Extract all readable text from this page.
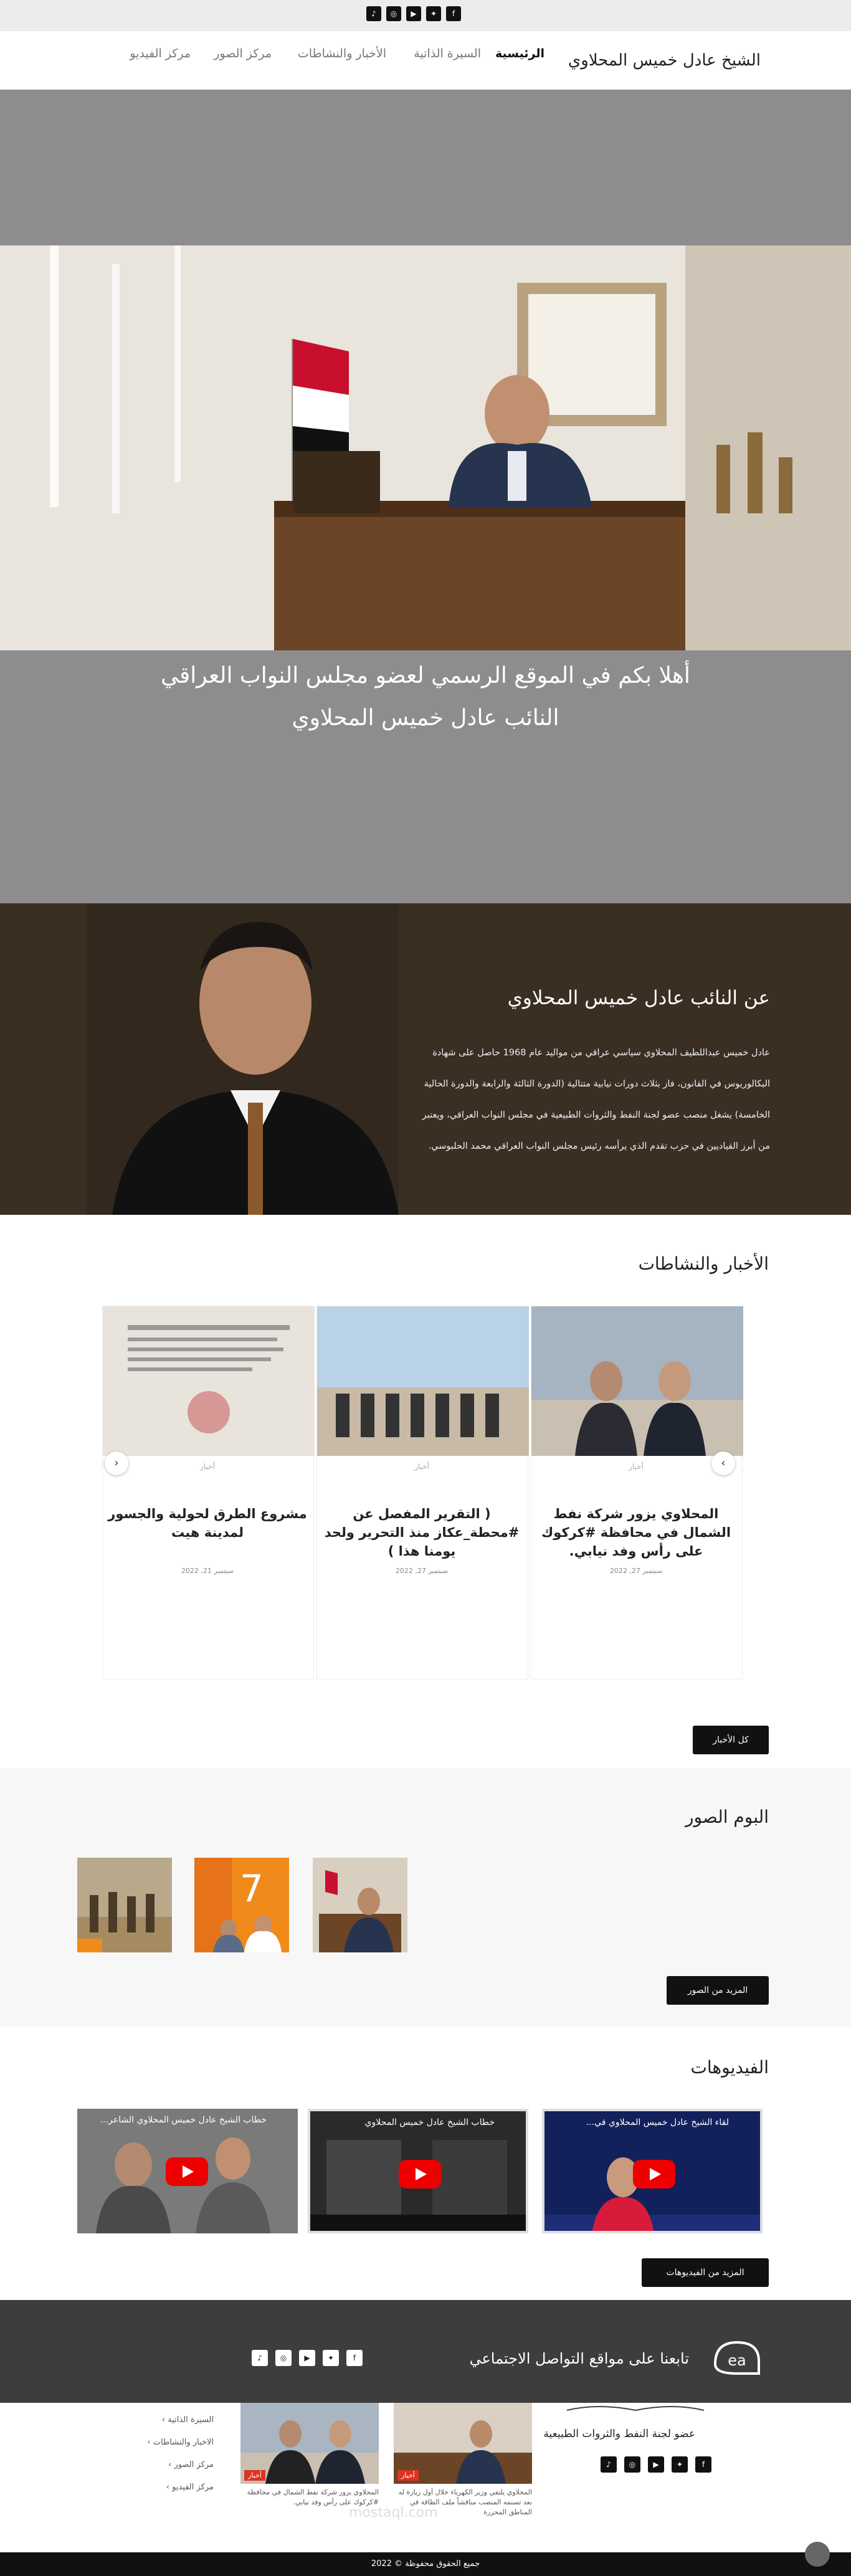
♪	◎	▶	✦	f
الشيخ عادل خميس المحلاوي
الرئيسية
السيرة الذاتية
الأخبار والنشاطات
مركز الصور
مركز الفيديو
أهلا بكم في الموقع الرسمي لعضو مجلس النواب العراقي
النائب عادل خميس المحلاوي
عن النائب عادل خميس المحلاوي
عادل خميس عبداللطيف المحلاوي سياسي عراقي من مواليد عام 1968 حاصل على شهادة
البكالوريوس في القانون، فاز بثلاث دورات نيابية متتالية (الدورة الثالثة والرابعة والدورة الحالية
الخامسة) يشغل منصب عضو لجنة النفط والثروات الطبيعية في مجلس النواب العراقي، ويعتبر
من أبرز القياديين في حزب تقدم الذي يرأسه رئيس مجلس النواب العراقي محمد الحلبوسي.
الأخبار والنشاطات
أخبار
المحلاوي يزور شركة نفط الشمال في محافظة #كركوك على رأس وفد نيابي.
سبتمبر 27, 2022
أخبار
( التقرير المفصل عن #محطة_عكاز منذ التحرير ولحد يومنا هذا )
سبتمبر 27, 2022
أخبار
مشروع الطرق لحولية والجسور لمدينة هيت
سبتمبر 21, 2022
›
‹
كل الأخبار
البوم الصور
7
المزيد من الصور
الفيديوهات
لقاء الشيخ عادل خميس المحلاوي في...
خطاب الشيخ عادل خميس المحلاوي
خطاب الشيخ عادل خميس المحلاوي الشاعر...
المزيد من الفيديوهات
ea
تابعنا على مواقع التواصل الاجتماعي
♪	◎	▶	✦	f
عضو لجنة النفط والثروات الطبيعية
♪	◎	▶	✦	f
أخبار
المحلاوي يلتقي وزير الكهرباء خلال أول زيارة له بعد تسنمه المنصب مناقشاً ملف الطاقة في المناطق المحررة
أخبار
المحلاوي يزور شركة نفط الشمال في محافظة #كركوك على رأس وفد نيابي.
mostaql.com
السيرة الذاتية ›
الاخبار والنشاطات ›
مركز الصور ›
مركز الفيديو ›
جميع الحقوق محفوظة © 2022
